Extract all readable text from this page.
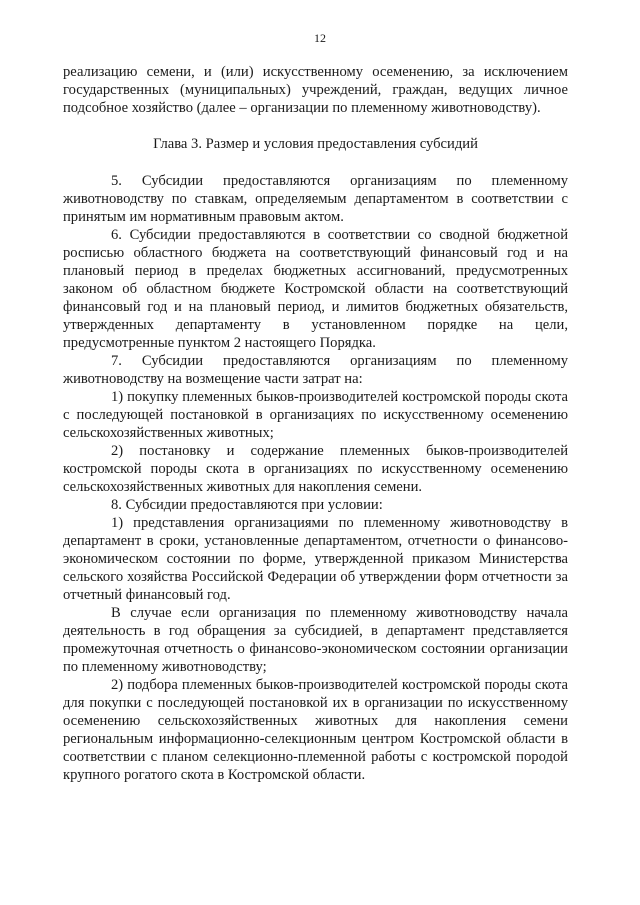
12

реализацию семени, и (или) искусственному осеменению, за исключением государственных (муниципальных) учреждений, граждан, ведущих личное подсобное хозяйство (далее – организации по племенному животноводству).

Глава 3. Размер и условия предоставления субсидий

5. Субсидии предоставляются организациям по племенному животноводству по ставкам, определяемым департаментом в соответствии с принятым им нормативным правовым актом.

6. Субсидии предоставляются в соответствии со сводной бюджетной росписью областного бюджета на соответствующий финансовый год и на плановый период в пределах бюджетных ассигнований, предусмотренных законом об областном бюджете Костромской области на соответствующий финансовый год и на плановый период, и лимитов бюджетных обязательств, утвержденных департаменту в установленном порядке на цели, предусмотренные пунктом 2 настоящего Порядка.

7. Субсидии предоставляются организациям по племенному животноводству на возмещение части затрат на:

1) покупку племенных быков-производителей костромской породы скота с последующей постановкой в организациях по искусственному осеменению сельскохозяйственных животных;

2) постановку и содержание племенных быков-производителей костромской породы скота в организациях по искусственному осеменению сельскохозяйственных животных для накопления семени.

8. Субсидии предоставляются при условии:

1) представления организациями по племенному животноводству в департамент в сроки, установленные департаментом, отчетности о финансово-экономическом состоянии по форме, утвержденной приказом Министерства сельского хозяйства Российской Федерации об утверждении форм отчетности за отчетный финансовый год.

В случае если организация по племенному животноводству начала деятельность в год обращения за субсидией, в департамент представляется промежуточная отчетность о финансово-экономическом состоянии организации по племенному животноводству;

2) подбора племенных быков-производителей костромской породы скота для покупки с последующей постановкой их в организации по искусственному осеменению сельскохозяйственных животных для накопления семени региональным информационно-селекционным центром Костромской области в соответствии с планом селекционно-племенной работы с костромской породой крупного рогатого скота в Костромской области.
